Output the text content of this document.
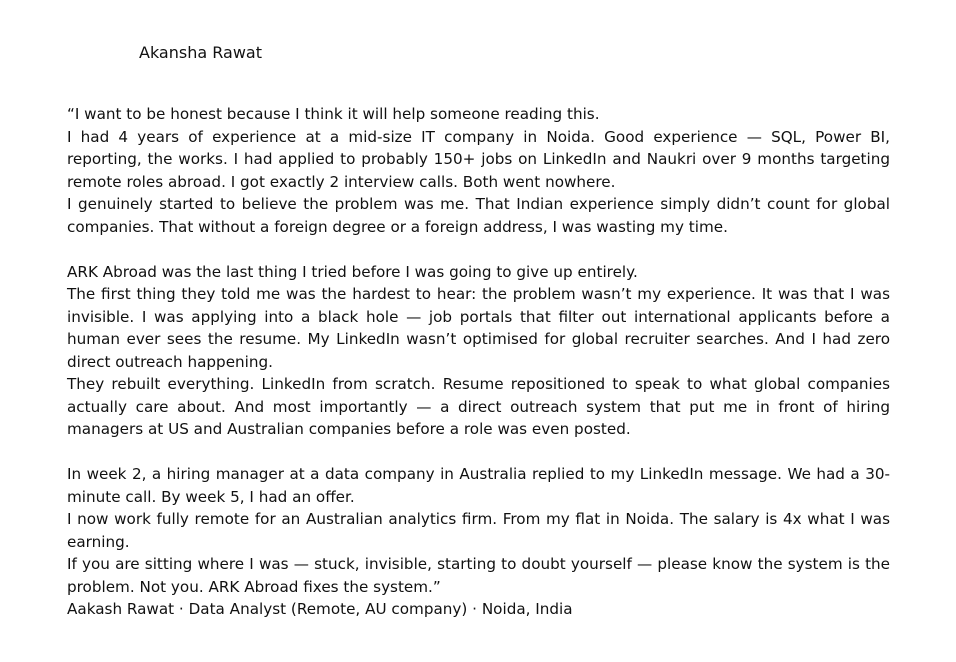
Akansha Rawat

“I want to be honest because I think it will help someone reading this.

I had 4 years of experience at a mid-size IT company in Noida. Good experience — SQL, Power BI, reporting, the works. I had applied to probably 150+ jobs on LinkedIn and Naukri over 9 months targeting remote roles abroad. I got exactly 2 interview calls. Both went nowhere.

I genuinely started to believe the problem was me. That Indian experience simply didn’t count for global companies. That without a foreign degree or a foreign address, I was wasting my time.

ARK Abroad was the last thing I tried before I was going to give up entirely.

The first thing they told me was the hardest to hear: the problem wasn’t my experience. It was that I was invisible. I was applying into a black hole — job portals that filter out international applicants before a human ever sees the resume. My LinkedIn wasn’t optimised for global recruiter searches. And I had zero direct outreach happening.

They rebuilt everything. LinkedIn from scratch. Resume repositioned to speak to what global companies actually care about. And most importantly — a direct outreach system that put me in front of hiring managers at US and Australian companies before a role was even posted.

In week 2, a hiring manager at a data company in Australia replied to my LinkedIn message. We had a 30-minute call. By week 5, I had an offer.

I now work fully remote for an Australian analytics firm. From my flat in Noida. The salary is 4x what I was earning.

If you are sitting where I was — stuck, invisible, starting to doubt yourself — please know the system is the problem. Not you. ARK Abroad fixes the system.”

Aakash Rawat · Data Analyst (Remote, AU company) · Noida, India
